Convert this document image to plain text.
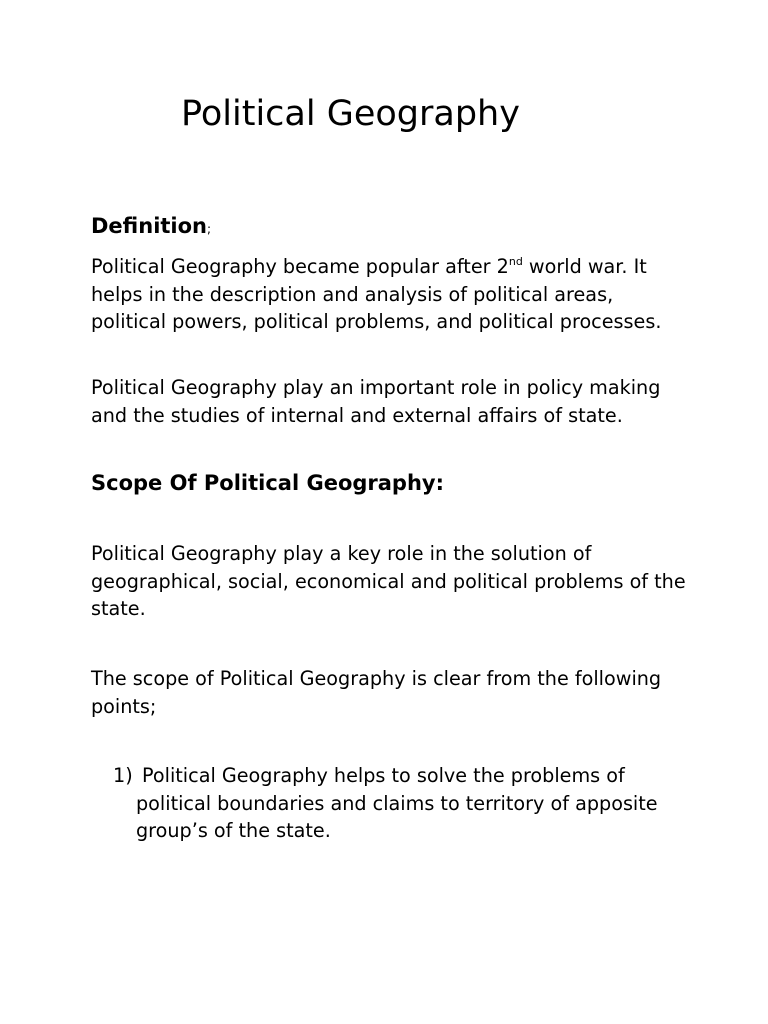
Political Geography
Definition;

Political Geography became popular after 2nd world war. It helps in the description and analysis of political areas, political powers, political problems, and political processes.

Political Geography play an important role in policy making and the studies of internal and external affairs of state.

Scope Of Political Geography:

Political Geography play a key role in the solution of geographical, social, economical and political problems of the state.

The scope of Political Geography is clear from the following points;

1) Political Geography helps to solve the problems of political boundaries and claims to territory of apposite group’s of the state.
